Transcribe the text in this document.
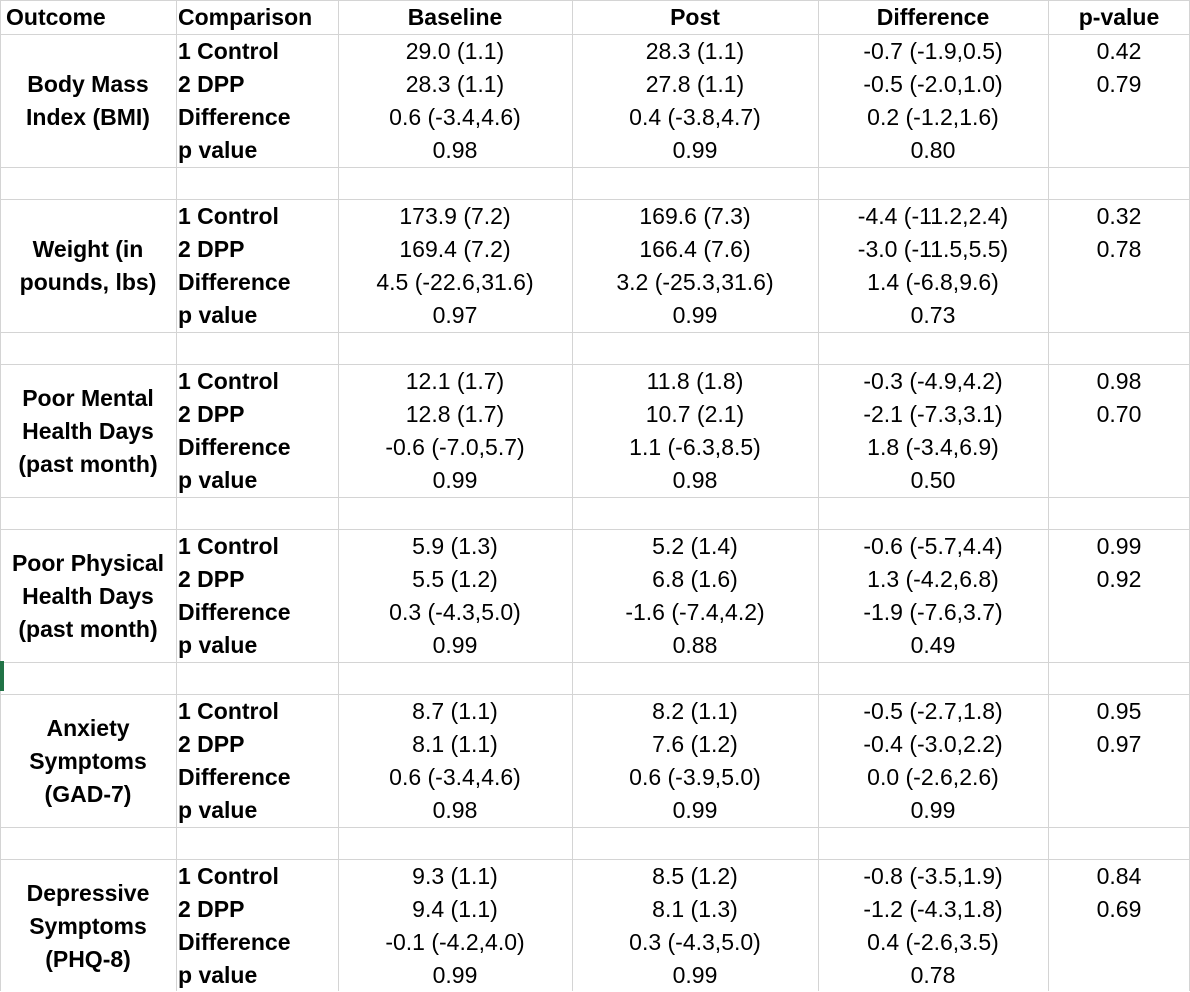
Outcome	Comparison	Baseline	Post	Difference	p-value
Body Mass Index (BMI)
1 Control	29.0 (1.1)	28.3 (1.1)	-0.7 (-1.9,0.5)	0.42
2 DPP	28.3 (1.1)	27.8 (1.1)	-0.5 (-2.0,1.0)	0.79
Difference	0.6 (-3.4,4.6)	0.4 (-3.8,4.7)	0.2 (-1.2,1.6)
p value	0.98	0.99	0.80
Weight (in pounds, lbs)
1 Control	173.9 (7.2)	169.6 (7.3)	-4.4 (-11.2,2.4)	0.32
2 DPP	169.4 (7.2)	166.4 (7.6)	-3.0 (-11.5,5.5)	0.78
Difference	4.5 (-22.6,31.6)	3.2 (-25.3,31.6)	1.4 (-6.8,9.6)
p value	0.97	0.99	0.73
Poor Mental Health Days (past month)
1 Control	12.1 (1.7)	11.8 (1.8)	-0.3 (-4.9,4.2)	0.98
2 DPP	12.8 (1.7)	10.7 (2.1)	-2.1 (-7.3,3.1)	0.70
Difference	-0.6 (-7.0,5.7)	1.1 (-6.3,8.5)	1.8 (-3.4,6.9)
p value	0.99	0.98	0.50
Poor Physical Health Days (past month)
1 Control	5.9 (1.3)	5.2 (1.4)	-0.6 (-5.7,4.4)	0.99
2 DPP	5.5 (1.2)	6.8 (1.6)	1.3 (-4.2,6.8)	0.92
Difference	0.3 (-4.3,5.0)	-1.6 (-7.4,4.2)	-1.9 (-7.6,3.7)
p value	0.99	0.88	0.49
Anxiety Symptoms (GAD-7)
1 Control	8.7 (1.1)	8.2 (1.1)	-0.5 (-2.7,1.8)	0.95
2 DPP	8.1 (1.1)	7.6 (1.2)	-0.4 (-3.0,2.2)	0.97
Difference	0.6 (-3.4,4.6)	0.6 (-3.9,5.0)	0.0 (-2.6,2.6)
p value	0.98	0.99	0.99
Depressive Symptoms (PHQ-8)
1 Control	9.3 (1.1)	8.5 (1.2)	-0.8 (-3.5,1.9)	0.84
2 DPP	9.4 (1.1)	8.1 (1.3)	-1.2 (-4.3,1.8)	0.69
Difference	-0.1 (-4.2,4.0)	0.3 (-4.3,5.0)	0.4 (-2.6,3.5)
p value	0.99	0.99	0.78
